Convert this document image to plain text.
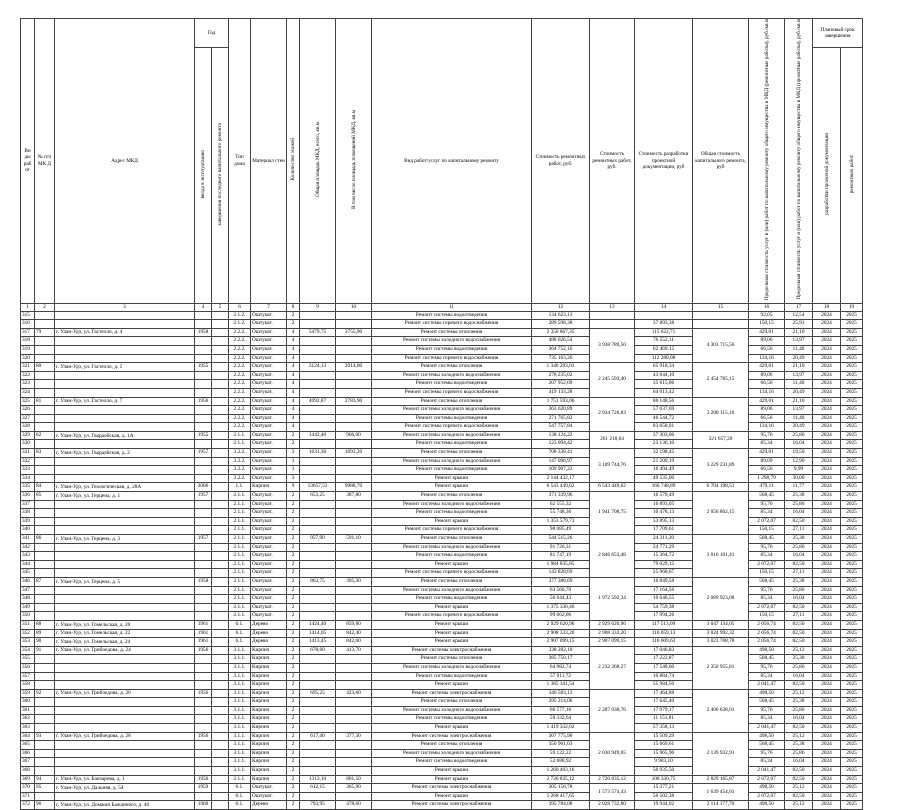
Ви ды раб от	№ п/п МК Д	Адрес МКД	Год		Тип дома	Материал стен	Количество этажей	Общая площадь МКД, всего, кв.м	В том числе площадь помещений МКД, кв.м	Вид работ/услуг по капитальному ремонту	Стоимость ремонтных работ, руб.	Стоимость ремонтных работ, руб.	Стоимость разработки проектной документации, руб	Общая стоимость капитального ремонта, руб	Предельная стоимость услуг и (или) работ по капитальному ремонту общего имущества в МКД (ремонтные работы), руб./кв.м	Предельная стоимость услуг и (или) работ по капитальному ремонту общего имущества в МКД (проектные работы), руб./кв.м	Плановый срок завершения	
			ввода в эксплуатацию	завершения последнего капитального ремонта													разработки проектной документации	ремонтных работ
1	2	3	4	5	6	7	8	9	10	11	12	13	14	15	16	17	18	19
315					2.1.2.	Оштукат.	2			Ремонт системы водоотведения	134 623,13				92,05	12,54	2024	2025
316					2.1.2.	Оштукат.	2			Ремонт системы горячего водоснабжения	289 598,38		37 893,38		150,15	25,91	2024	2025
317	79	г. Улан-Удэ, ул. Гастелло, д. 4	1958		2.2.2.	Оштукат.	4	5479,75	3755,90	Ремонт системы отопления	2 350 867,35	3 938 789,50	115 622,71	4 303 715,56	429,01	21,10	2024	2025
318					2.2.2.	Оштукат.	4			Ремонт системы холодного водоснабжения	488 026,54		76 552,11		89,06	13,97	2024	2025
319					2.2.2.	Оштукат.	4			Ремонт системы водоотведения	364 752,16		62 469,15		66,56	11,40	2024	2025
320					2.2.2.	Оштукат.	4			Ремонт системы горячего водоснабжения	735 163,26		112 280,08		134,16	20,49	2024	2025
321	80	г. Улан-Удэ, ул. Гастелло, д. 5	1955		2.2.2.	Оштукат.	4	3124,13	2014,00	Ремонт системы отопления	1 340 293,01	2 245 593,40	65 918,34	2 454 785,15	429,01	21,10	2024	2025
322					2.2.2.	Оштукат.	4			Ремонт системы холодного водоснабжения	278 235,02		43 644,10		89,06	13,97	2024	2025
323					2.2.2.	Оштукат.	4			Ремонт системы водоотведения	207 952,09		35 615,06		66,56	11,40	2024	2025
324					2.2.2.	Оштукат.	4			Ремонт системы горячего водоснабжения	419 133,28		64 013,42		134,16	20,49	2024	2025
325	81	г. Улан-Удэ, ул. Гастелло, д. 7	1956		2.2.2.	Оштукат.	4	4092,87	2783,90	Ремонт системы отопления	1 751 593,06	2 934 726,83	86 148,56	3 208 115,10	429,01	21,10	2024	2025
326					2.2.2.	Оштукат.	4			Ремонт системы холодного водоснабжения	363 620,89		57 037,69		89,06	13,97	2024	2025
327					2.2.2.	Оштукат.	4			Ремонт системы водоотведения	271 765,82		46 544,72		66,56	11,40	2024	2025
328					2.2.2.	Оштукат.	4			Ремонт системы горячего водоснабжения	547 757,84		83 658,01		134,16	20,49	2024	2025
329	82	г. Улан-Удэ, ул. Гвардейская, д. 1А	1955		2.1.1.	Оштукат.	2	1442,40	966,00	Ремонт системы холодного водоснабжения	138 124,22	261 218,64	37 303,06	321 657,20	95,76	25,86	2024	2025
330					2.1.1.	Оштукат.	2			Ремонт системы водоотведения	123 094,42		23 136,10		85,34	16,04	2024	2025
331	83	г. Улан-Удэ, ул. Гвардейская, д. 2	1957		3.2.2.	Оштукат.	3	1631,30	1093,20	Ремонт системы отопления	708 338,41	3 109 744,76	32 198,45	3 229 231,89	429,01	19,50	2024	2025
332					3.2.2.	Оштукат.	3			Ремонт системы холодного водоснабжения	147 096,97		21 209,19		89,09	12,90	2024	2025
333					3.2.2.	Оштукат.	3			Ремонт системы водоотведения	109 907,22		16 494,49		66,56	9,99	2024	2025
334					3.2.2.	Оштукат.	3			Ремонт крыши	2 144 432,17		49 535,00		1 298,79	30,00	2024	2025
335	84	г. Улан-Удэ, ул. Геологическая, д. 28А	2006		1.1.	Кирпич	9	13657,51	9988,70	Ремонт крыши	6 543 449,62	6 543 449,62	160 748,89	6 704 198,51	479,11	11,77	2024	2025
336	85	г. Улан-Удэ, ул. Герцена, д. 1	1957		2.1.1.	Оштукат.	2	653,25	387,80	Ремонт системы отопления	371 339,96	1 941 708,75	16 579,49	2 056 862,15	568,45	25,38	2024	2025
337					2.1.1.	Оштукат.	2			Ремонт системы холодного водоснабжения	62 555,32		16 893,05		95,76	25,86	2024	2025
338					2.1.1.	Оштукат.	2			Ремонт системы водоотведения	55 748,36		10 478,13		85,34	16,04	2024	2025
339					2.1.1.	Оштукат.	2			Ремонт крыши	1 353 579,73		53 895,13		2 072,07	82,50	2024	2025
340					2.1.1.	Оштукат.	2			Ремонт системы горячего водоснабжения	98 085,49		17 709,61		150,15	27,11	2024	2025
341	86	г. Улан-Удэ, ул. Герцена, д. 3	1957		2.1.1.	Оштукат.	2	957,90	591,10	Ремонт системы отопления	544 515,26	2 846 653,48	24 311,20	3 016 101,41	568,45	25,38	2024	2025
342					2.1.1.	Оштукат.	2			Ремонт системы холодного водоснабжения	91 726,31		24 771,29		95,76	25,86	2024	2025
343					2.1.1.	Оштукат.	2			Ремонт системы водоотведения	81 747,19		15 364,72		85,34	16,04	2024	2025
344					2.1.1.	Оштукат.	2			Ремонт крыши	1 984 835,85		79 029,15		2 072,07	82,50	2024	2025
345					2.1.1.	Оштукат.	2			Ремонт системы горячего водоснабжения	143 828,69		25 968,67		150,15	27,11	2024	2025
346	87	г. Улан-Удэ, ул. Герцена, д. 5	1958		2.1.1.	Оштукат.	2	863,75	395,30	Ремонт системы отопления	377 388,69	1 972 592,34	16 849,58	2 089 923,08	568,45	25,38	2024	2025
347					2.1.1.	Оштукат.	2			Ремонт системы холодного водоснабжения	63 560,70		17 164,56		95,76	25,86	2024	2025
348					2.1.1.	Оштукат.	2			Ремонт системы водоотведения	56 644,43		10 646,55		85,34	16,04	2024	2025
349					2.1.1.	Оштукат.	2			Ремонт крыши	1 375 336,46		54 759,38		2 072,07	82,50	2024	2025
350					2.1.1.	Оштукат.	2			Ремонт системы горячего водоснабжения	99 662,06		17 994,26		150,15	27,11	2024	2025
351	88	г. Улан-Удэ, ул. Гомельская, д. 20	1961		6.1.	Дерево	2	1424,40	859,80	Ремонт крыши	2 929 620,96	2 929 620,96	117 513,09	3 047 134,05	2 056,74	82,50	2024	2025
352	89	г. Улан-Удэ, ул. Гомельская, д. 22	1961		6.1.	Дерево	2	1414,05	842,40	Ремонт крыши	2 908 333,20	2 908 333,20	116 659,13	3 024 992,32	2 056,74	82,50	2024	2025
353	90	г. Улан-Удэ, ул. Гомельская, д. 24	1961		6.1.	Дерево	2	1413,45	842,00	Ремонт крыши	2 907 099,15	2 907 099,15	116 609,63	3 023 708,78	2 056,74	82,50	2024	2025
354	91	г. Улан-Удэ, ул. Грибоедова, д. 24	1956		3.1.1.	Кирпич	2	678,60	413,70	Ремонт системы электроснабжения	338 282,10	2 232 268,27	17 046,83	2 350 955,81	498,50	25,12	2024	2025
355					3.1.1.	Кирпич	2			Ремонт системы отопления	385 750,17		17 222,87		568,45	25,38	2024	2025
356					3.1.1.	Кирпич	2			Ремонт системы холодного водоснабжения	64 982,74		17 548,60		95,76	25,86	2024	2025
357					3.1.1.	Кирпич	2			Ремонт системы водоотведения	57 911,72		10 884,74		85,34	16,04	2024	2025
358					3.1.1.	Кирпич	2			Ремонт крыши	1 385 341,54		55 984,50		2 041,47	82,50	2024	2025
359	92	г. Улан-Удэ, ул. Грибоедова, д. 26	1956		3.1.1.	Кирпич	2	695,25	423,60	Ремонт системы электроснабжения	346 583,13	2 287 038,76	17 464,88	2 406 638,01	498,50	25,12	2024	2025
360					3.1.1.	Кирпич	2			Ремонт системы отопления	395 214,06		17 645,40		568,45	25,38	2024	2025
361					3.1.1.	Кирпич	2			Ремонт системы холодного водоснабжения	66 577,16		17 979,17		95,76	25,86	2024	2025
362					3.1.1.	Кирпич	2			Ремонт системы водоотведения	59 332,64		11 151,81		85,34	16,04	2024	2025
363					3.1.1.	Кирпич	2			Ремонт крыши	1 419 332,02		57 358,13		2 041,47	82,50	2024	2025
364	93	г. Улан-Удэ, ул. Грибоедова, д. 28	1956		3.1.1.	Кирпич	2	617,40	377,30	Ремонт системы электроснабжения	307 775,90	2 030 949,65	15 509,29	2 139 932,91	498,50	25,12	2024	2025
365					3.1.1.	Кирпич	2			Ремонт системы отопления	350 961,03		15 669,61		568,45	25,38	2024	2025
366					3.1.1.	Кирпич	2			Ремонт системы холодного водоснабжения	59 122,22		15 965,96		95,76	25,86	2024	2025
367					3.1.1.	Кирпич	2			Ремонт системы водоотведения	52 688,92		9 903,10		85,34	16,04	2024	2025
368					3.1.1.	Кирпич	2			Ремонт крыши	1 260 403,16		50 935,50		2 041,47	82,50	2024	2025
369	94	г. Улан-Удэ, ул. Банзарова, д. 1	1956		2.1.1.	Кирпич	2	1313,10	801,50	Ремонт крыши	2 720 835,12	2 720 835,12	108 330,75	2 829 165,87	2 072,07	82,50	2024	2025
370	95	г. Улан-Удэ, ул. Дальняя, д. 54	1959		6.1.	Оштукат.	2	612,15	365,90	Ремонт системы электроснабжения	305 156,78	1 573 574,43	15 377,21	1 639 454,01	498,50	25,12	2024	2025
371					6.1.	Оштукат.	2			Ремонт крыши	1 268 417,65		50 502,38		2 072,07	82,50	2024	2025
372	96	г. Улан-Удэ, ул. Домашн Бажанного, д. 40	1960		6.1.	Дерево	2	793,95	478,60	Ремонт системы электроснабжения	395 784,08	2 028 732,80	19 944,02	2 114 177,70	498,50	25,12	2024	2025
